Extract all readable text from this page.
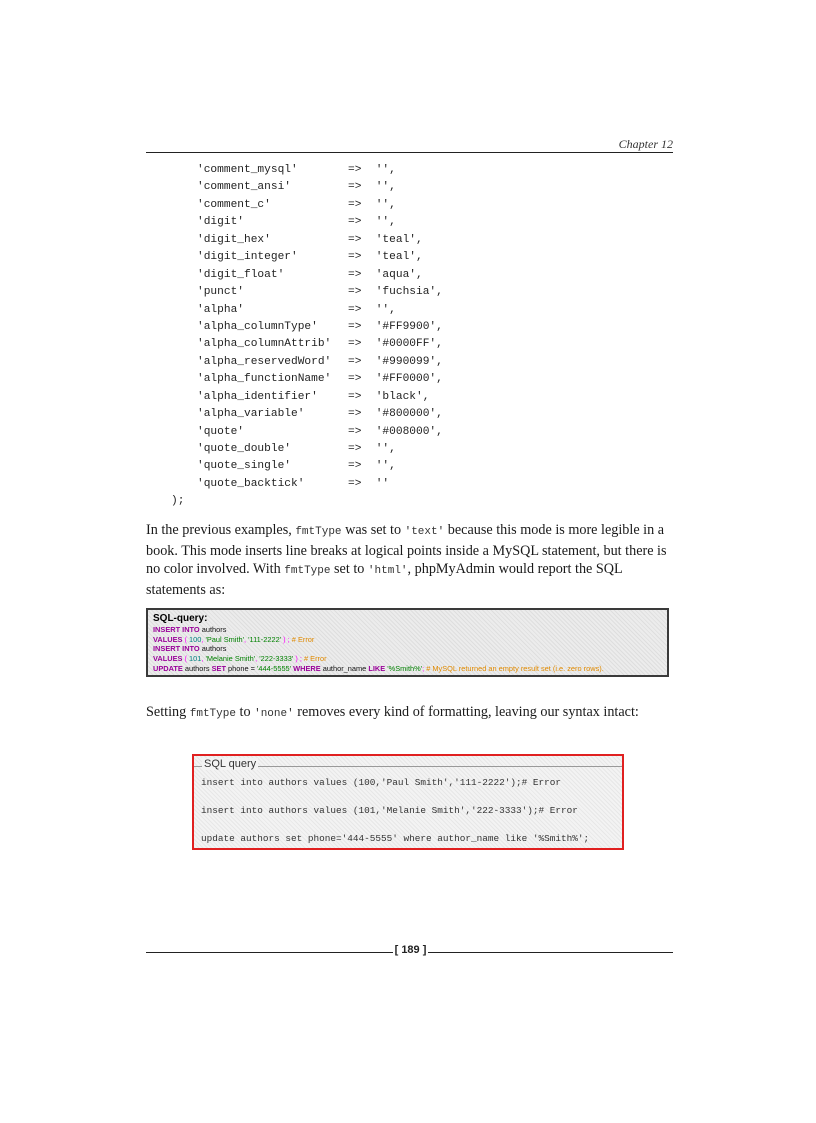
Chapter 12
'comment_mysql'	=> '',
'comment_ansi'	=> '',
'comment_c'	=> '',
'digit'	=> '',
'digit_hex'	=> 'teal',
'digit_integer'	=> 'teal',
'digit_float'	=> 'aqua',
'punct'	=> 'fuchsia',
'alpha'	=> '',
'alpha_columnType'	=> '#FF9900',
'alpha_columnAttrib' => '#0000FF',
'alpha_reservedWord' => '#990099',
'alpha_functionName' => '#FF0000',
'alpha_identifier'	=> 'black',
'alpha_variable'	=> '#800000',
'quote'	=> '#008000',
'quote_double'	=> '',
'quote_single'	=> '',
'quote_backtick'	=> ''
);

In the previous examples, fmtType was set to 'text' because this mode is more legible in a book. This mode inserts line breaks at logical points inside a MySQL statement, but there is no color involved. With fmtType set to 'html', phpMyAdmin would report the SQL statements as:

SQL-query:
INSERT INTO authors
VALUES ( 100, 'Paul Smith', '111-2222' ) ; # Error
INSERT INTO authors
VALUES ( 101, 'Melanie Smith', '222-3333' ) ; # Error
UPDATE authors SET phone = '444-5555' WHERE author_name LIKE '%Smith%'; # MySQL returned an empty result set (i.e. zero rows).

Setting fmtType to 'none' removes every kind of formatting, leaving our syntax intact:

SQL query
insert into authors values (100,'Paul Smith','111-2222');# Error
insert into authors values (101,'Melanie Smith','222-3333');# Error
update authors set phone='444-5555' where author_name like '%Smith%';
[ 189 ]
